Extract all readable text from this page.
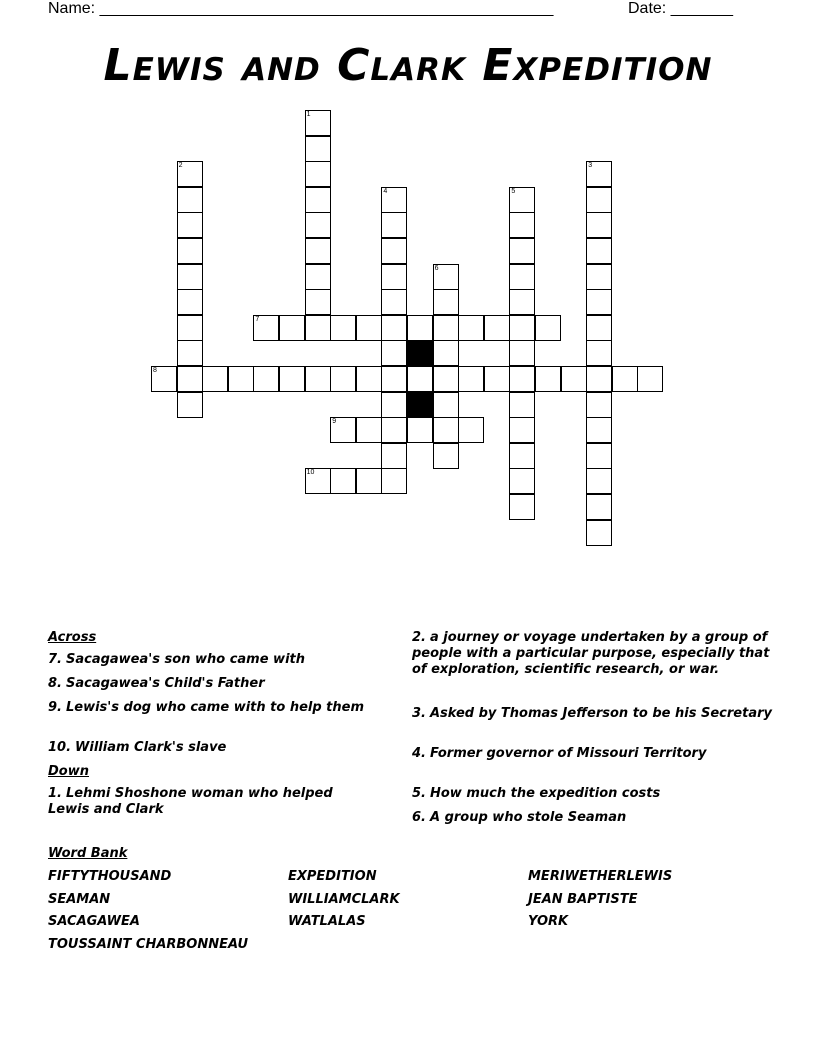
Name: ___________________________________________________	Date: _______
Lewis and Clark Expedition
1
2	3
4	5
6
7
8
9
10
Across
7. Sacagawea's son who came with
8. Sacagawea's Child's Father
9. Lewis's dog who came with to help them
10. William Clark's slave
Down
1. Lehmi Shoshone woman who helped Lewis and Clark
2. a journey or voyage undertaken by a group of people with a particular purpose, especially that of exploration, scientific research, or war.
3. Asked by Thomas Jefferson to be his Secretary
4. Former governor of Missouri Territory
5. How much the expedition costs
6. A group who stole Seaman
Word Bank
FIFTYTHOUSAND	EXPEDITION	MERIWETHERLEWIS
SEAMAN	WILLIAMCLARK	JEAN BAPTISTE
SACAGAWEA	WATLALAS	YORK
TOUSSAINT CHARBONNEAU
